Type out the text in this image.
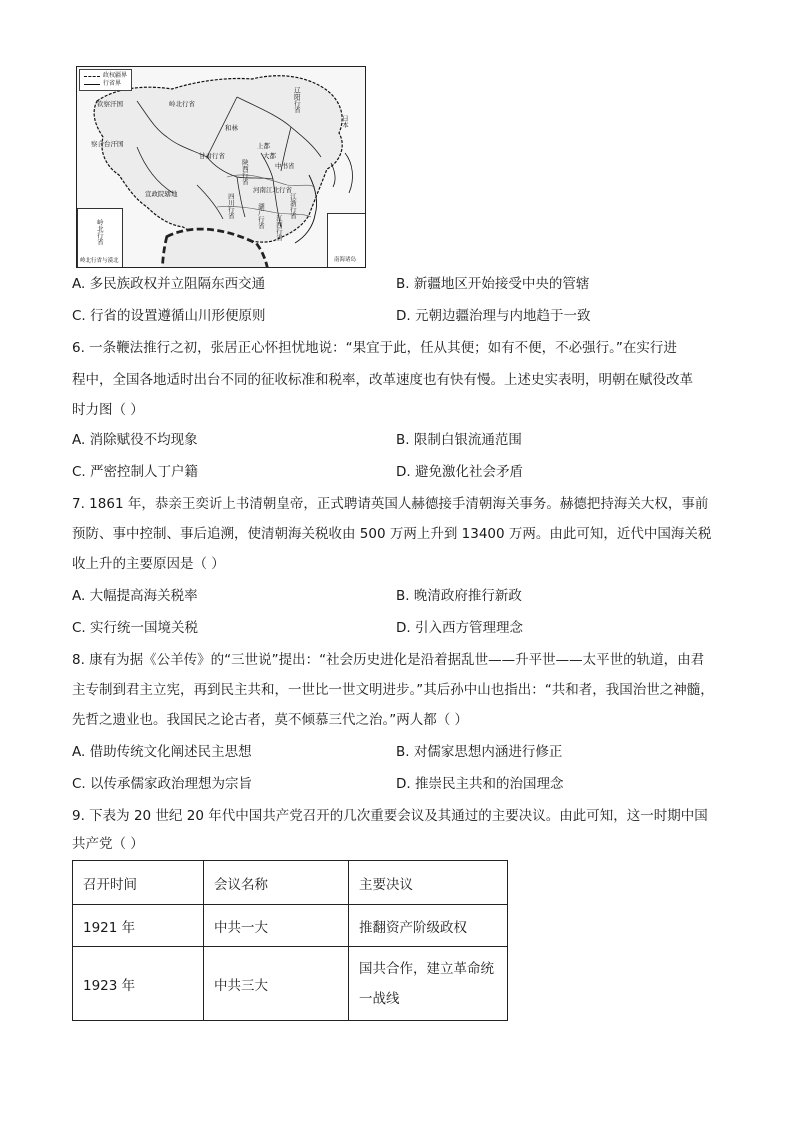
政权疆界
行省界
钦察汗国	岭北行省	辽阳行省
察合台汗国
和林
甘肃行省
上都
大都
中书省
陕西行省
河南江北行省
宣政院辖地	四川行省	湖广行省	江浙行省
江西行省
日本
岭北行省
岭北行省与漠北	南海诸岛
A. 多民族政权并立阻隔东西交通	B. 新疆地区开始接受中央的管辖
C. 行省的设置遵循山川形便原则	D. 元朝边疆治理与内地趋于一致
6. 一条鞭法推行之初，张居正心怀担忧地说：“果宜于此，任从其便；如有不便，不必强行。”在实行进
程中，全国各地适时出台不同的征收标准和税率，改革速度也有快有慢。上述史实表明，明朝在赋役改革
时力图（ ）
A. 消除赋役不均现象	B. 限制白银流通范围
C. 严密控制人丁户籍	D. 避免激化社会矛盾
7. 1861 年，恭亲王奕䜣上书清朝皇帝，正式聘请英国人赫德接手清朝海关事务。赫德把持海关大权，事前
预防、事中控制、事后追溯，使清朝海关税收由 500 万两上升到 13400 万两。由此可知，近代中国海关税
收上升的主要原因是（ ）
A. 大幅提高海关税率	B. 晚清政府推行新政
C. 实行统一国境关税	D. 引入西方管理理念
8. 康有为据《公羊传》的“三世说”提出：“社会历史进化是沿着据乱世——升平世——太平世的轨道，由君
主专制到君主立宪，再到民主共和，一世比一世文明进步。”其后孙中山也指出：“共和者，我国治世之神髓，
先哲之遗业也。我国民之论古者，莫不倾慕三代之治。”两人都（ ）
A. 借助传统文化阐述民主思想	B. 对儒家思想内涵进行修正
C. 以传承儒家政治理想为宗旨	D. 推崇民主共和的治国理念
9. 下表为 20 世纪 20 年代中国共产党召开的几次重要会议及其通过的主要决议。由此可知，这一时期中国
共产党（ ）
召开时间	会议名称	主要决议
1921 年	中共一大	推翻资产阶级政权
1923 年	中共三大	国共合作，建立革命统
一战线
